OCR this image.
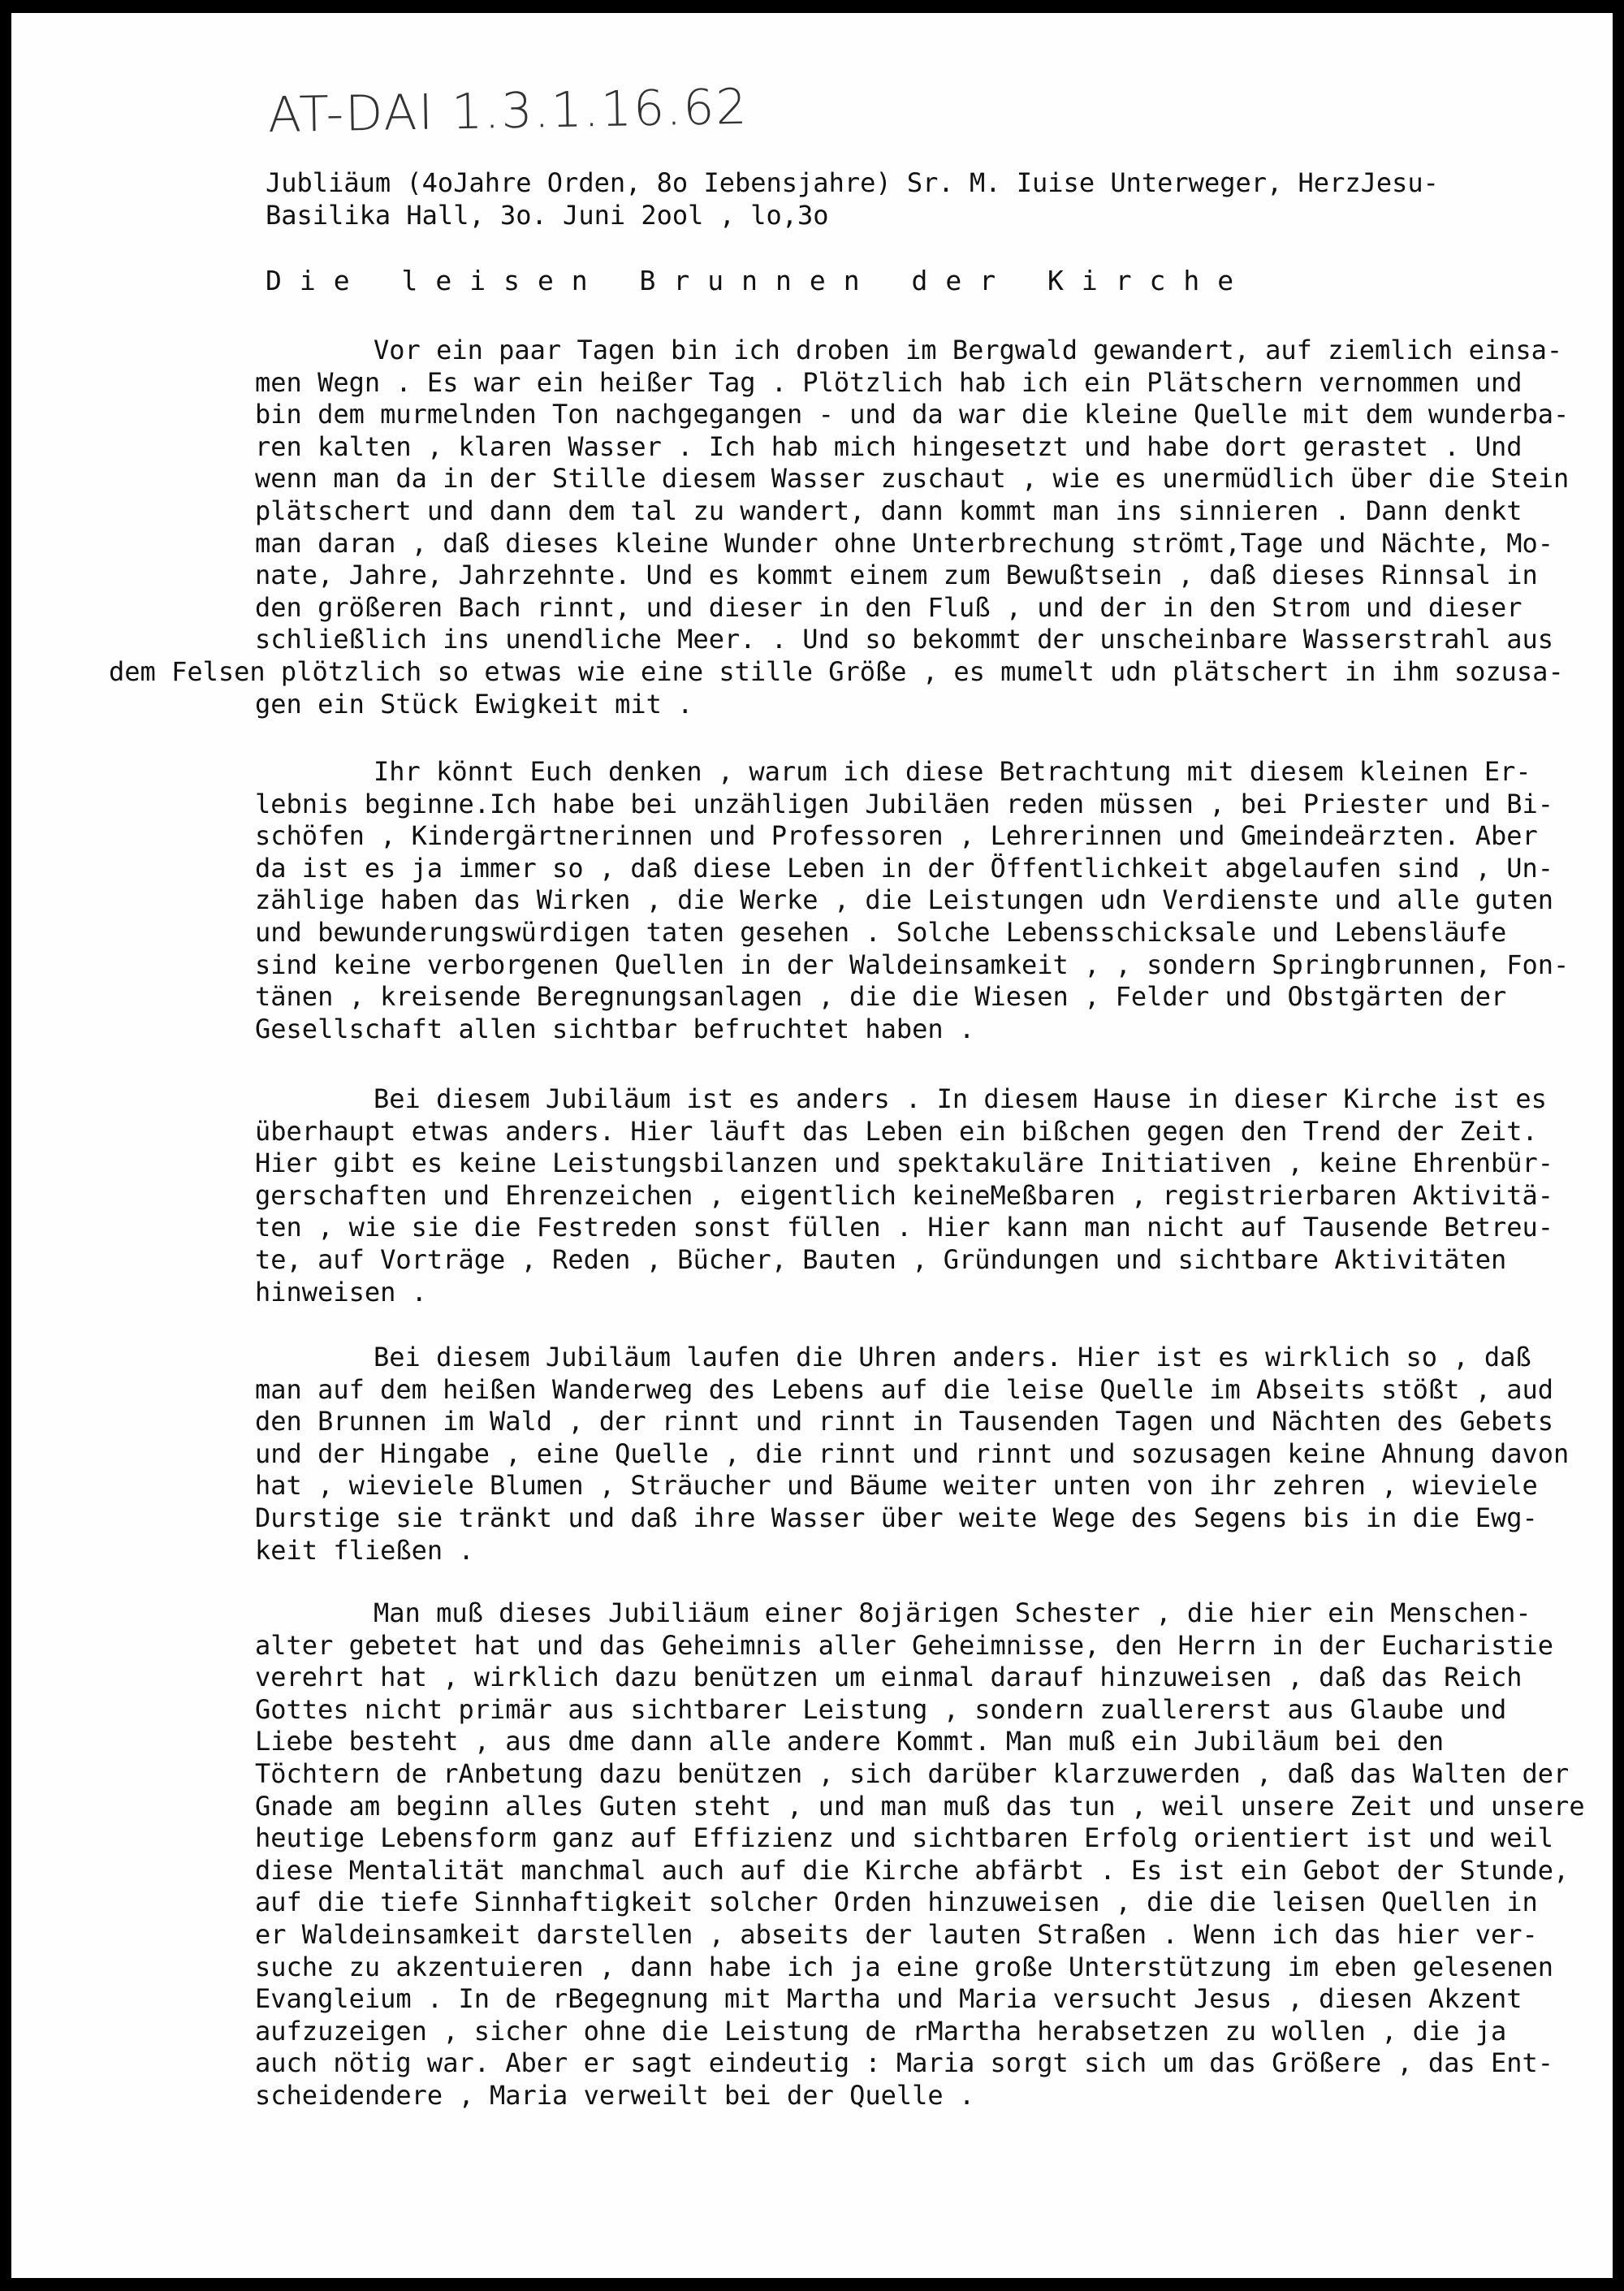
AT-DAI 1.3.1.16.62
Jubliäum (4oJahre Orden, 8o Iebensjahre) Sr. M. Iuise Unterweger, HerzJesu-
Basilika Hall, 3o. Juni 2ool , lo,3o
Die leisen Brunnen der Kirche
Vor ein paar Tagen bin ich droben im Bergwald gewandert, auf ziemlich einsa-
men Wegn . Es war ein heißer Tag . Plötzlich hab ich ein Plätschern vernommen und
bin dem murmelnden Ton nachgegangen - und da war die kleine Quelle mit dem wunderba-
ren kalten , klaren Wasser . Ich hab mich hingesetzt und habe dort gerastet . Und
wenn man da in der Stille diesem Wasser zuschaut , wie es unermüdlich über die Stein
plätschert und dann dem tal zu wandert, dann kommt man ins sinnieren . Dann denkt
man daran , daß dieses kleine Wunder ohne Unterbrechung strömt,Tage und Nächte, Mo-
nate, Jahre, Jahrzehnte. Und es kommt einem zum Bewußtsein , daß dieses Rinnsal in
den größeren Bach rinnt, und dieser in den Fluß , und der in den Strom und dieser
schließlich ins unendliche Meer. . Und so bekommt der unscheinbare Wasserstrahl aus
dem Felsen plötzlich so etwas wie eine stille Größe , es mumelt udn plätschert in ihm sozusa-
gen ein Stück Ewigkeit mit .
Ihr könnt Euch denken , warum ich diese Betrachtung mit diesem kleinen Er-
lebnis beginne.Ich habe bei unzähligen Jubiläen reden müssen , bei Priester und Bi-
schöfen , Kindergärtnerinnen und Professoren , Lehrerinnen und Gmeindeärzten. Aber
da ist es ja immer so , daß diese Leben in der Öffentlichkeit abgelaufen sind , Un-
zählige haben das Wirken , die Werke , die Leistungen udn Verdienste und alle guten
und bewunderungswürdigen taten gesehen . Solche Lebensschicksale und Lebensläufe
sind keine verborgenen Quellen in der Waldeinsamkeit , , sondern Springbrunnen, Fon-
tänen , kreisende Beregnungsanlagen , die die Wiesen , Felder und Obstgärten der
Gesellschaft allen sichtbar befruchtet haben .
Bei diesem Jubiläum ist es anders . In diesem Hause in dieser Kirche ist es
überhaupt etwas anders. Hier läuft das Leben ein bißchen gegen den Trend der Zeit.
Hier gibt es keine Leistungsbilanzen und spektakuläre Initiativen , keine Ehrenbür-
gerschaften und Ehrenzeichen , eigentlich keineMeßbaren , registrierbaren Aktivitä-
ten , wie sie die Festreden sonst füllen . Hier kann man nicht auf Tausende Betreu-
te, auf Vorträge , Reden , Bücher, Bauten , Gründungen und sichtbare Aktivitäten
hinweisen .
Bei diesem Jubiläum laufen die Uhren anders. Hier ist es wirklich so , daß
man auf dem heißen Wanderweg des Lebens auf die leise Quelle im Abseits stößt , aud
den Brunnen im Wald , der rinnt und rinnt in Tausenden Tagen und Nächten des Gebets
und der Hingabe , eine Quelle , die rinnt und rinnt und sozusagen keine Ahnung davon
hat , wieviele Blumen , Sträucher und Bäume weiter unten von ihr zehren , wieviele
Durstige sie tränkt und daß ihre Wasser über weite Wege des Segens bis in die Ewg-
keit fließen .
Man muß dieses Jubiliäum einer 8ojärigen Schester , die hier ein Menschen-
alter gebetet hat und das Geheimnis aller Geheimnisse, den Herrn in der Eucharistie
verehrt hat , wirklich dazu benützen um einmal darauf hinzuweisen , daß das Reich
Gottes nicht primär aus sichtbarer Leistung , sondern zuallererst aus Glaube und
Liebe besteht , aus dme dann alle andere Kommt. Man muß ein Jubiläum bei den
Töchtern de rAnbetung dazu benützen , sich darüber klarzuwerden , daß das Walten der
Gnade am beginn alles Guten steht , und man muß das tun , weil unsere Zeit und unsere
heutige Lebensform ganz auf Effizienz und sichtbaren Erfolg orientiert ist und weil
diese Mentalität manchmal auch auf die Kirche abfärbt . Es ist ein Gebot der Stunde,
auf die tiefe Sinnhaftigkeit solcher Orden hinzuweisen , die die leisen Quellen in
er Waldeinsamkeit darstellen , abseits der lauten Straßen . Wenn ich das hier ver-
suche zu akzentuieren , dann habe ich ja eine große Unterstützung im eben gelesenen
Evangleium . In de rBegegnung mit Martha und Maria versucht Jesus , diesen Akzent
aufzuzeigen , sicher ohne die Leistung de rMartha herabsetzen zu wollen , die ja
auch nötig war. Aber er sagt eindeutig : Maria sorgt sich um das Größere , das Ent-
scheidendere , Maria verweilt bei der Quelle .
